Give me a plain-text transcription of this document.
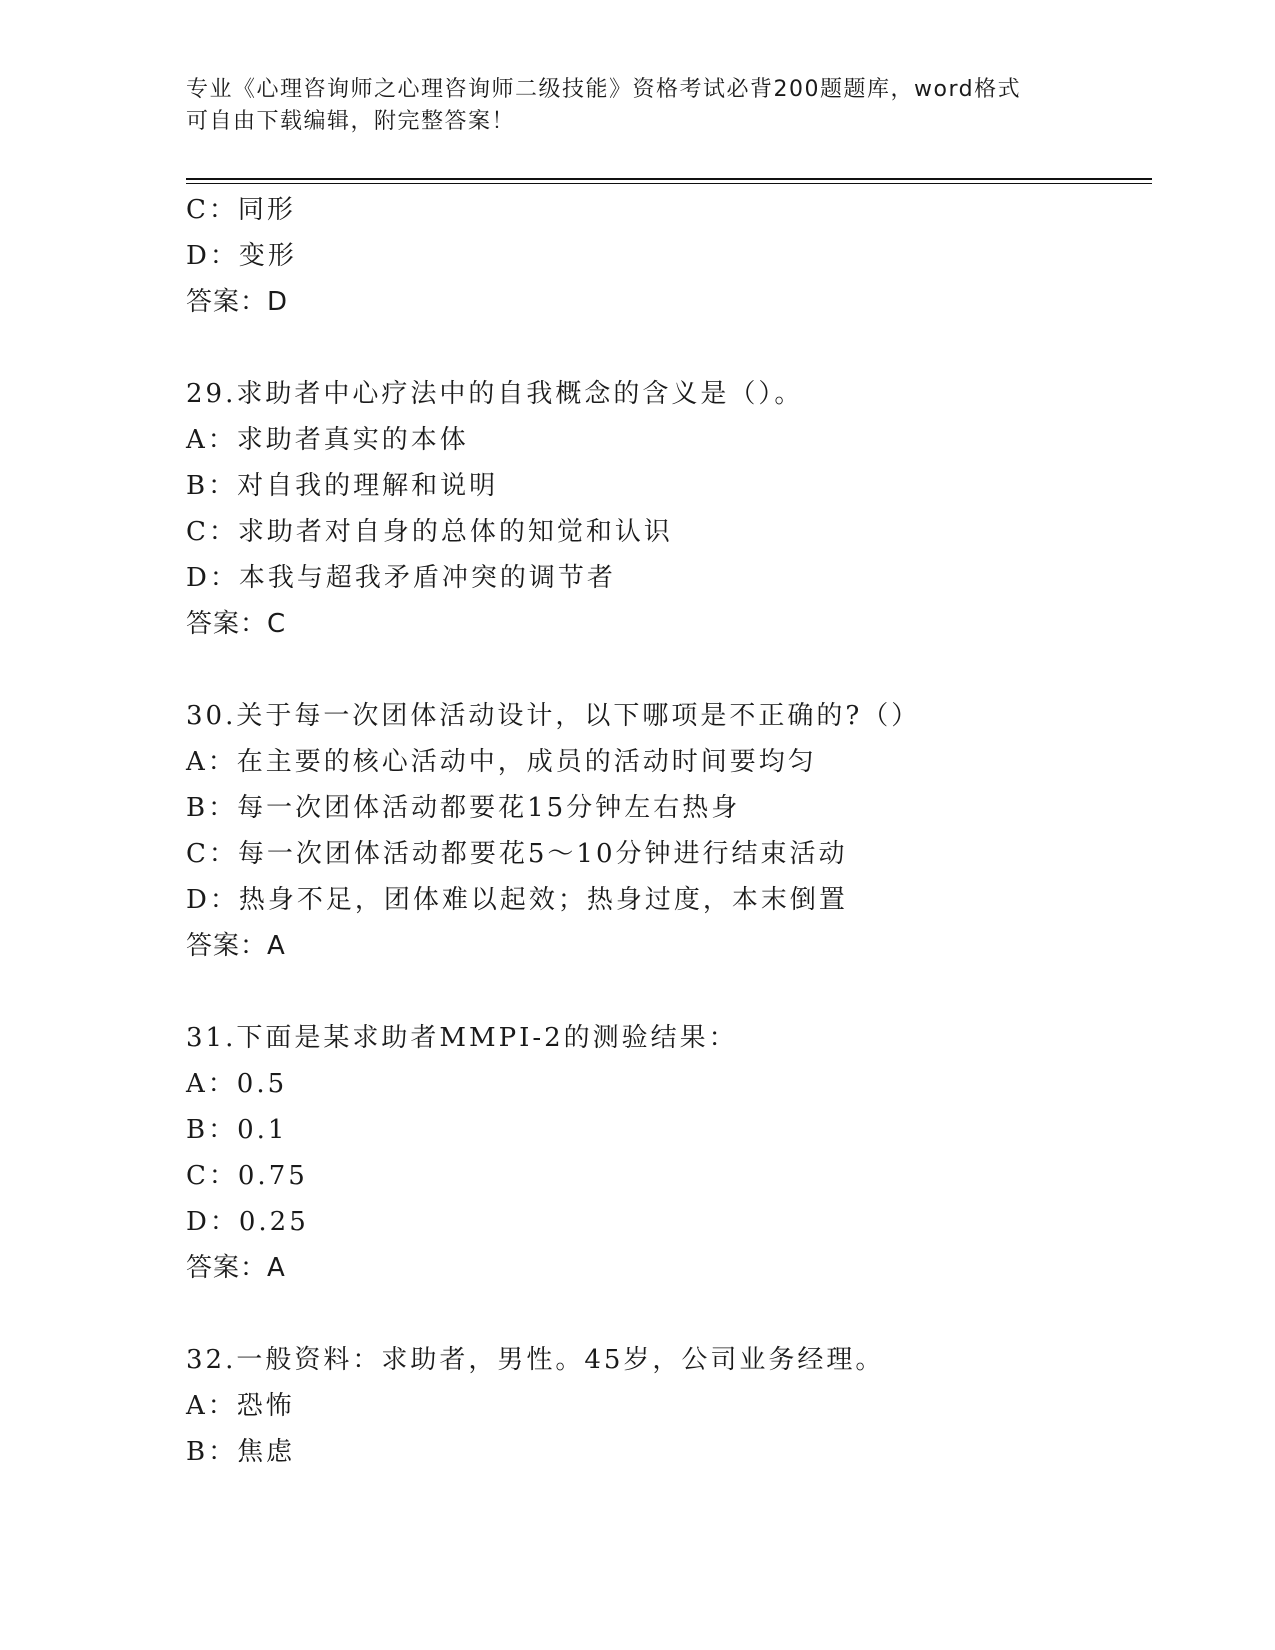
专业《心理咨询师之心理咨询师二级技能》资格考试必背200题题库，word格式
可自由下载编辑，附完整答案！
C：同形
D：变形
答案：D
29.求助者中心疗法中的自我概念的含义是（）。
A：求助者真实的本体
B：对自我的理解和说明
C：求助者对自身的总体的知觉和认识
D：本我与超我矛盾冲突的调节者
答案：C
30.关于每一次团体活动设计，以下哪项是不正确的?（）
A：在主要的核心活动中，成员的活动时间要均匀
B：每一次团体活动都要花15分钟左右热身
C：每一次团体活动都要花5～10分钟进行结束活动
D：热身不足，团体难以起效；热身过度，本末倒置
答案：A
31.下面是某求助者MMPI-2的测验结果：
A：0.5
B：0.1
C：0.75
D：0.25
答案：A
32.一般资料：求助者，男性。45岁，公司业务经理。
A：恐怖
B：焦虑
